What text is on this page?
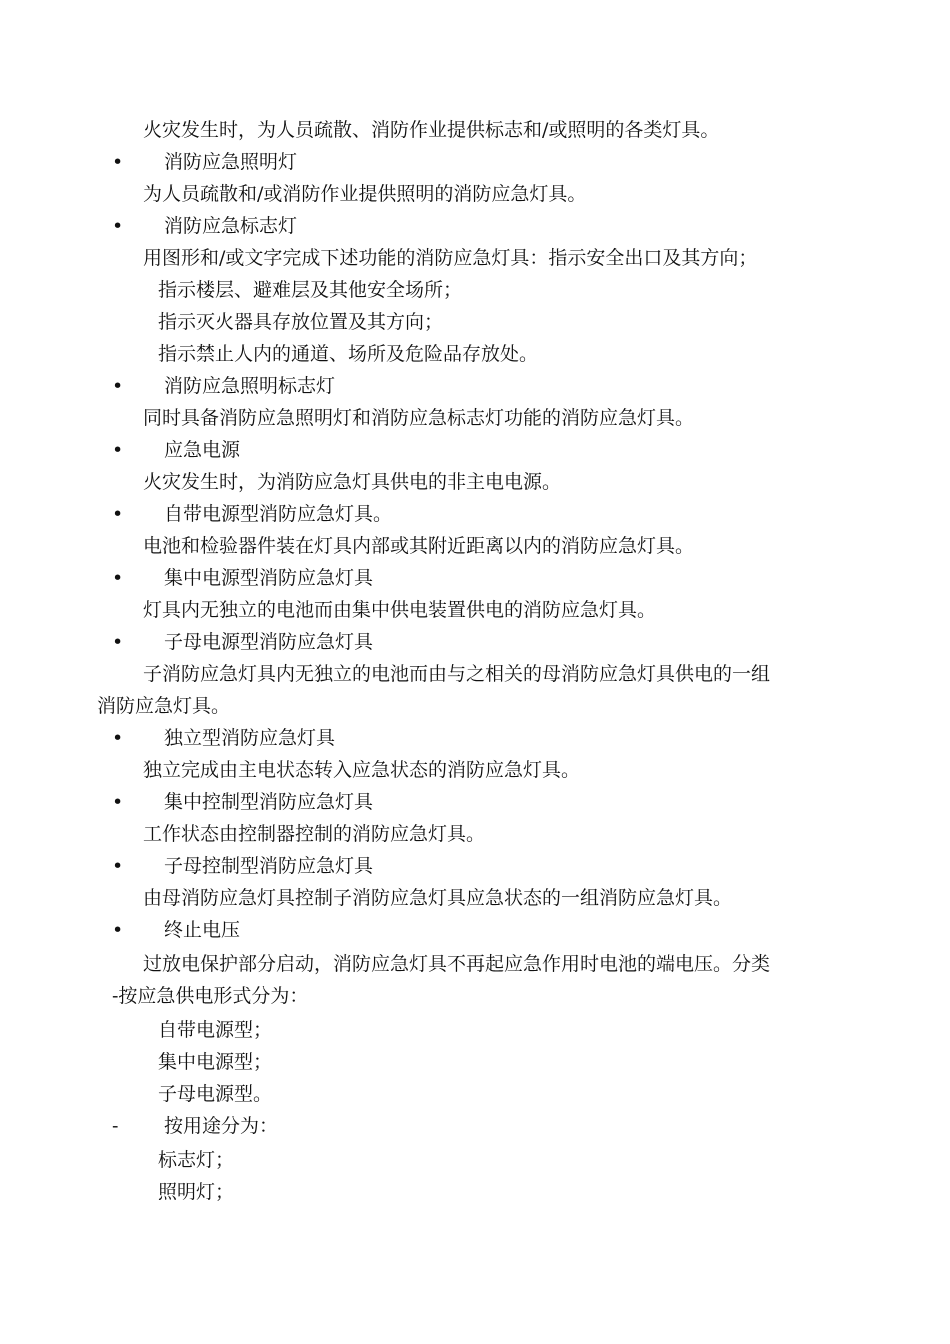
火灾发生时，为人员疏散、消防作业提供标志和/或照明的各类灯具。
• 消防应急照明灯
为人员疏散和/或消防作业提供照明的消防应急灯具。
• 消防应急标志灯
用图形和/或文字完成下述功能的消防应急灯具：指示安全出口及其方向；
指示楼层、避难层及其他安全场所；
指示灭火器具存放位置及其方向；
指示禁止人内的通道、场所及危险品存放处。
• 消防应急照明标志灯
同时具备消防应急照明灯和消防应急标志灯功能的消防应急灯具。
• 应急电源
火灾发生时，为消防应急灯具供电的非主电电源。
• 自带电源型消防应急灯具。
电池和检验器件装在灯具内部或其附近距离以内的消防应急灯具。
• 集中电源型消防应急灯具
灯具内无独立的电池而由集中供电装置供电的消防应急灯具。
• 子母电源型消防应急灯具
子消防应急灯具内无独立的电池而由与之相关的母消防应急灯具供电的一组
消防应急灯具。
• 独立型消防应急灯具
独立完成由主电状态转入应急状态的消防应急灯具。
• 集中控制型消防应急灯具
工作状态由控制器控制的消防应急灯具。
• 子母控制型消防应急灯具
由母消防应急灯具控制子消防应急灯具应急状态的一组消防应急灯具。
• 终止电压
过放电保护部分启动，消防应急灯具不再起应急作用时电池的端电压。分类
-按应急供电形式分为：
自带电源型；
集中电源型；
子母电源型。
- 按用途分为：
标志灯；
照明灯；
